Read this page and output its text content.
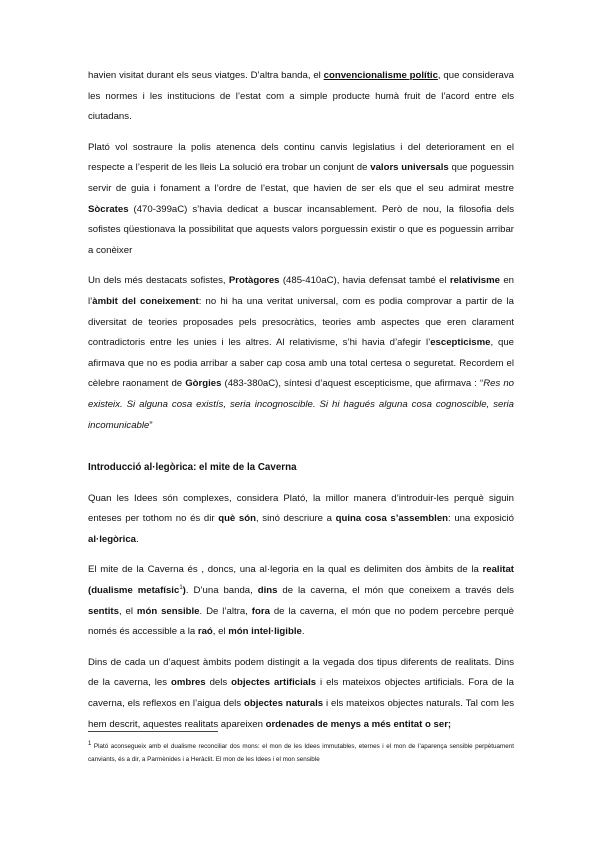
havien visitat durant els seus viatges. D’altra banda, el convencionalisme polític, que considerava les normes i les institucions de l’estat com a simple producte humà fruit de l’acord entre els ciutadans.

Plató vol sostraure la polis atenenca dels continu canvis legislatius i del deteriorament en el respecte a l’esperit de les lleis La solució era trobar un conjunt de valors universals que poguessin servir de guia i fonament a l’ordre de l’estat, que havien de ser els que el seu admirat mestre Sòcrates (470-399aC) s’havia dedicat a buscar incansablement. Però de nou, la filosofia dels sofistes qüestionava la possibilitat que aquests valors porguessin existir o que es poguessin arribar a conèixer

Un dels més destacats sofistes, Protàgores (485-410aC), havia defensat també el relativisme en l’àmbit del coneixement: no hi ha una veritat universal, com es podia comprovar a partir de la diversitat de teories proposades pels presocràtics, teories amb aspectes que eren clarament contradictoris entre les unies i les altres. Al relativisme, s’hi havia d’afegir l’escepticisme, que afirmava que no es podia arribar a saber cap cosa amb una total certesa o seguretat. Recordem el cèlebre raonament de Gòrgies (483-380aC), síntesi d’aquest escepticisme, que afirmava : “Res no existeix. Si alguna cosa existís, seria incognoscible. Si hi hagués alguna cosa cognoscible, seria incomunicable”

Introducció al·legòrica: el mite de la Caverna

Quan les Idees són complexes, considera Plató, la millor manera d’introduir-les perquè siguin enteses per tothom no és dir què són, sinó descriure a quina cosa s’assemblen: una exposició al·legòrica.

El mite de la Caverna és , doncs, una al·legoria en la qual es delimiten dos àmbits de la realitat (dualisme metafísic$^1$). D’una banda, dins de la caverna, el món que coneixem a través dels sentits, el món sensible. De l’altra, fora de la caverna, el món que no podem percebre perquè només és accessible a la raó, el món intel·ligible.

Dins de cada un d’aquest àmbits podem distingit a la vegada dos tipus diferents de realitats. Dins de la caverna, les ombres dels objectes artificials i els mateixos objectes artificials. Fora de la caverna, els reflexos en l’aigua dels objectes naturals i els mateixos objectes naturals. Tal com les hem descrit, aquestes realitats apareixen ordenades de menys a més entitat o ser;

$^1$ Plató aconsegueix amb el dualisme reconciliar dos mons: el mon de les Idees immutables, eternes i el mon de l’aparença sensible perpètuament canviants, és a dir, a Parmènides i a Heràclit. El mon de les Idees i el mon sensible
